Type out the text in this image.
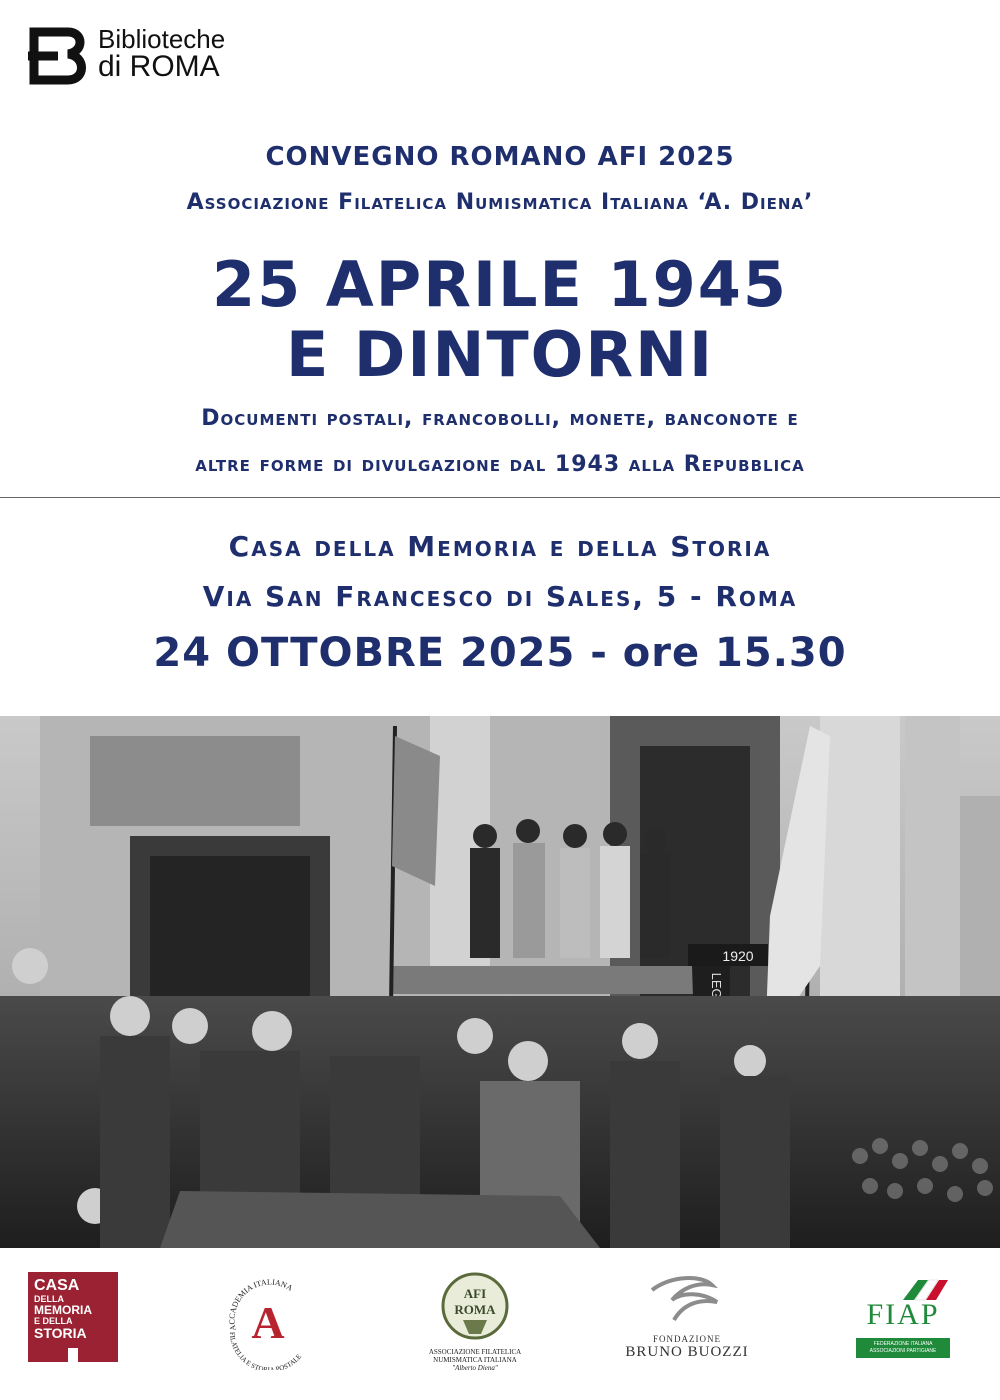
Biblioteche
di ROMA
CONVEGNO ROMANO AFI 2025
Associazione Filatelica Numismatica Italiana ‘A. Diena’
25 APRILE 1945
E DINTORNI
Documenti postali, francobolli, monete, banconote e
altre forme di divulgazione dal 1943 alla Repubblica
Casa della Memoria e della Storia
Via San Francesco di Sales, 5 - Roma
24 OTTOBRE 2025 - ore 15.30
1920
CASA
DELLA
MEMORIA
E DELLA
STORIA	ACCADEMIA ITALIANA
A
FILATELIA E STORIA POSTALE
AFI
ROMA
ASSOCIAZIONE FILATELICA
NUMISMATICA ITALIANA
"Alberto Diena"
FONDAZIONE
BRUNO BUOZZI
FIAP
FEDERAZIONE ITALIANA
ASSOCIAZIONI PARTIGIANE
